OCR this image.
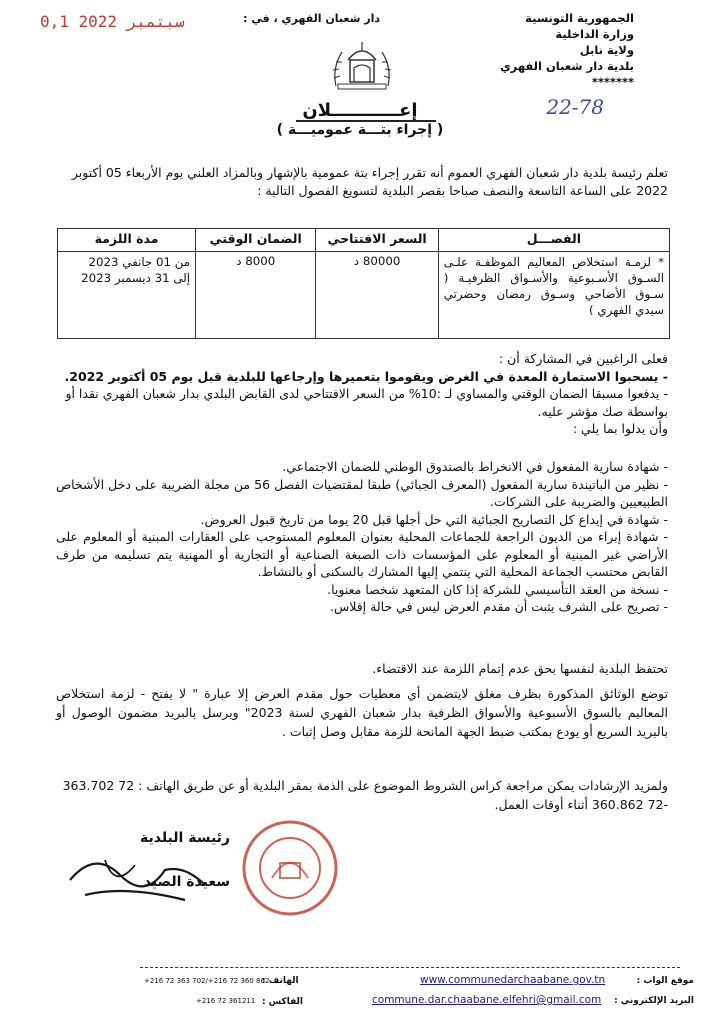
الجمهورية التونسية
وزارة الداخلية
ولاية نابل
بلدية دار شعبان الفهري
*******
دار شعبان الفهري ، في :
0,1 سبتمبر 2022
22-78
إعـــــــــــلان
( إجراء بتـــة عموميـــة )
تعلم رئيسة بلدية دار شعبان الفهري العموم أنه تقرر إجراء بتة عمومية بالإشهار وبالمزاد العلني يوم الأربعاء 05 أكتوبر 2022 على الساعة التاسعة والنصف صباحا بقصر البلدية لتسويغ الفصول التالية :
الفصـــل	السعر الافتتاحي	الضمان الوقتي	مدة اللزمة
* لزمـة استخلاص المعاليم الموظفـة علـى السـوق الأسـبوعية والأسـواق الظرفيـة ( سـوق الأضاحي وسـوق رمضان وحضرتي سيدي الفهري )	80000 د	8000 د	من 01 جانفي 2023
إلى 31 ديسمبر 2023

فعلى الراغبين في المشاركة أن :

- يسحبوا الاستمارة المعدة في الغرض ويقوموا بتعميرها وإرجاعها للبلدية قبل يوم 05 أكتوبر 2022.

- يدفعوا مسبقا الضمان الوقتي والمساوي لـ :10% من السعر الافتتاحي لدى القابض البلدي بدار شعبان الفهري نقدا أو بواسطة صك مؤشر عليه.

وأن يدلوا بما يلي :

- شهادة سارية المفعول في الانخراط بالصندوق الوطني للضمان الاجتماعي.

- نظير من الباتيندة سارية المفعول (المعرف الجبائي) طبقا لمقتضيات الفصل 56 من مجلة الضريبة على دخل الأشخاص الطبيعيين والضريبة على الشركات.

- شهادة في إيداع كل التصاريح الجبائية التي حل أجلها قبل 20 يوما من تاريخ قبول العروض.

- شهادة إبراء من الديون الراجعة للجماعات المحلية بعنوان المعلوم المستوجب على العقارات المبنية أو المعلوم على الأراضي غير المبنية أو المعلوم على المؤسسات ذات الصبغة الصناعية أو التجارية أو المهنية يتم تسليمه من طرف القابض محتسب الجماعة المحلية التي ينتمي إليها المشارك بالسكنى أو بالنشاط.

- نسخة من العقد التأسيسي للشركة إذا كان المتعهد شخصا معنويا.

- تصريح على الشرف يثبت أن مقدم العرض ليس في حالة إفلاس.

تحتفظ البلدية لنفسها بحق عدم إتمام اللزمة عند الاقتضاء.
توضع الوثائق المذكورة بظرف مغلق لايتضمن أي معطيات حول مقدم العرض إلا عبارة " لا يفتح - لزمة استخلاص المعاليم بالسوق الأسبوعية والأسواق الظرفية بدار شعبان الفهري لسنة 2023" ويرسل بالبريد مضمون الوصول أو بالبريد السريع أو يودع بمكتب ضبط الجهة المانحة للزمة مقابل وصل إثبات .
ولمزيد الإرشادات يمكن مراجعة كراس الشروط الموضوع على الذمة بمقر البلدية أو عن طريق الهاتف : 72 363.702 -72 360.862 أثناء أوقات العمل.
رئيسة البلدية
سعيدة الصيد
موقع الواب :
www.communedarchaabane.gov.tn
الهاتف :
+216 72 363 702/+216 72 360 862
البريد الإلكتروني :
commune.dar.chaabane.elfehri@gmail.com
الفاكس :
+216 72 361211
